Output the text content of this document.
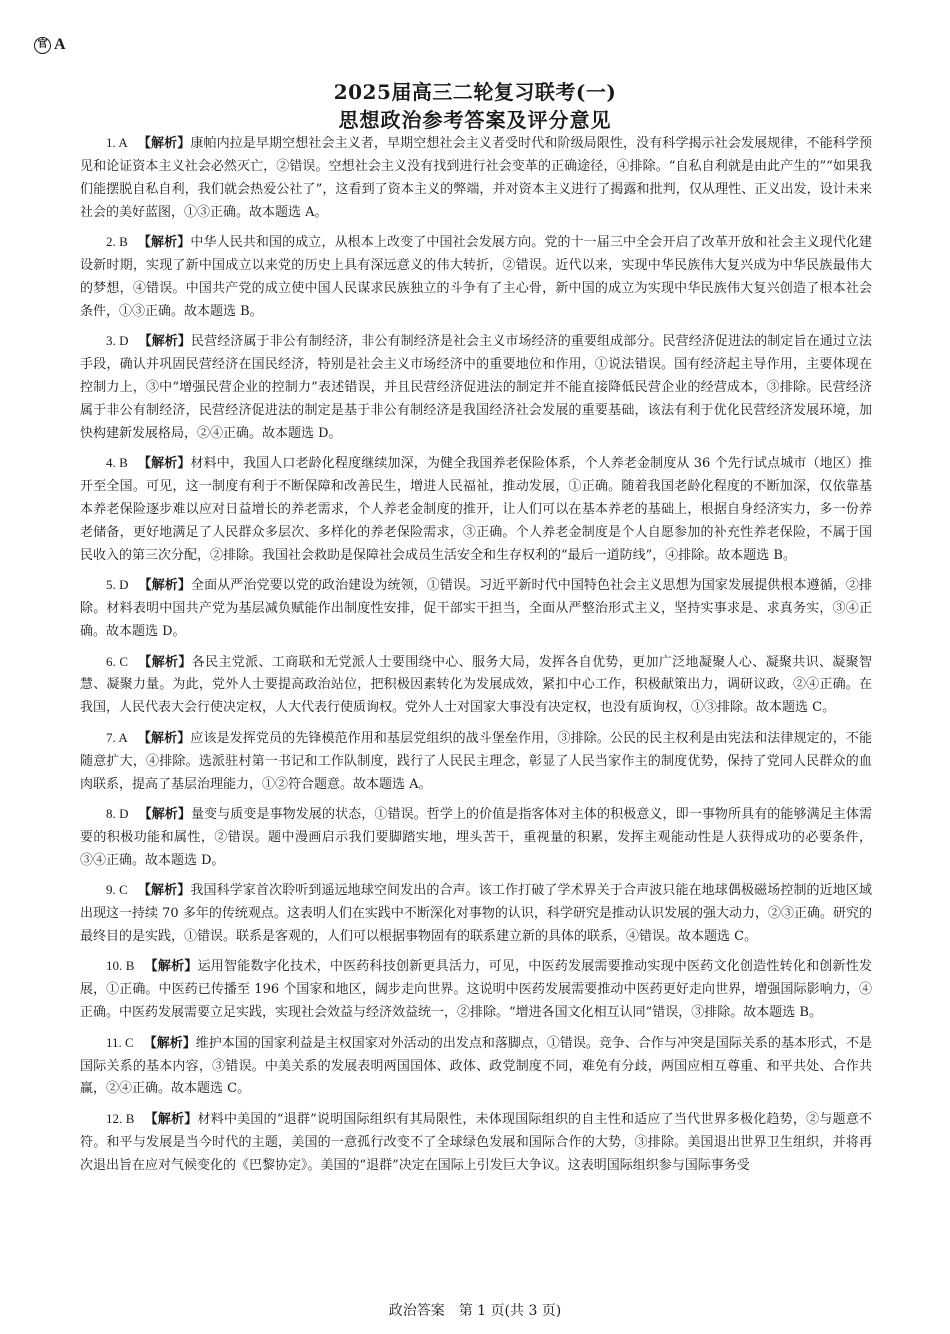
官 A
2025届高三二轮复习联考(一)
思想政治参考答案及评分意见

1. A 【解析】康帕内拉是早期空想社会主义者，早期空想社会主义者受时代和阶级局限性，没有科学揭示社会发展规律，不能科学预见和论证资本主义社会必然灭亡，②错误。空想社会主义没有找到进行社会变革的正确途径，④排除。“自私自利就是由此产生的”“如果我们能摆脱自私自利，我们就会热爱公社了”，这看到了资本主义的弊端，并对资本主义进行了揭露和批判，仅从理性、正义出发，设计未来社会的美好蓝图，①③正确。故本题选 A。

2. B 【解析】中华人民共和国的成立，从根本上改变了中国社会发展方向。党的十一届三中全会开启了改革开放和社会主义现代化建设新时期，实现了新中国成立以来党的历史上具有深远意义的伟大转折，②错误。近代以来，实现中华民族伟大复兴成为中华民族最伟大的梦想，④错误。中国共产党的成立使中国人民谋求民族独立的斗争有了主心骨，新中国的成立为实现中华民族伟大复兴创造了根本社会条件，①③正确。故本题选 B。

3. D 【解析】民营经济属于非公有制经济，非公有制经济是社会主义市场经济的重要组成部分。民营经济促进法的制定旨在通过立法手段，确认并巩固民营经济在国民经济，特别是社会主义市场经济中的重要地位和作用，①说法错误。国有经济起主导作用，主要体现在控制力上，③中“增强民营企业的控制力”表述错误，并且民营经济促进法的制定并不能直接降低民营企业的经营成本，③排除。民营经济属于非公有制经济，民营经济促进法的制定是基于非公有制经济是我国经济社会发展的重要基础，该法有利于优化民营经济发展环境，加快构建新发展格局，②④正确。故本题选 D。

4. B 【解析】材料中，我国人口老龄化程度继续加深，为健全我国养老保险体系，个人养老金制度从 36 个先行试点城市（地区）推开至全国。可见，这一制度有利于不断保障和改善民生，增进人民福祉，推动发展，①正确。随着我国老龄化程度的不断加深，仅依靠基本养老保险逐步难以应对日益增长的养老需求，个人养老金制度的推开，让人们可以在基本养老的基础上，根据自身经济实力，多一份养老储备，更好地满足了人民群众多层次、多样化的养老保险需求，③正确。个人养老金制度是个人自愿参加的补充性养老保险，不属于国民收入的第三次分配，②排除。我国社会救助是保障社会成员生活安全和生存权利的“最后一道防线”，④排除。故本题选 B。

5. D 【解析】全面从严治党要以党的政治建设为统领，①错误。习近平新时代中国特色社会主义思想为国家发展提供根本遵循，②排除。材料表明中国共产党为基层减负赋能作出制度性安排，促干部实干担当，全面从严整治形式主义，坚持实事求是、求真务实，③④正确。故本题选 D。

6. C 【解析】各民主党派、工商联和无党派人士要围绕中心、服务大局，发挥各自优势，更加广泛地凝聚人心、凝聚共识、凝聚智慧、凝聚力量。为此，党外人士要提高政治站位，把积极因素转化为发展成效，紧扣中心工作，积极献策出力，调研议政，②④正确。在我国，人民代表大会行使决定权，人大代表行使质询权。党外人士对国家大事没有决定权，也没有质询权，①③排除。故本题选 C。

7. A 【解析】应该是发挥党员的先锋模范作用和基层党组织的战斗堡垒作用，③排除。公民的民主权利是由宪法和法律规定的，不能随意扩大，④排除。选派驻村第一书记和工作队制度，践行了人民民主理念，彰显了人民当家作主的制度优势，保持了党同人民群众的血肉联系，提高了基层治理能力，①②符合题意。故本题选 A。

8. D 【解析】量变与质变是事物发展的状态，①错误。哲学上的价值是指客体对主体的积极意义，即一事物所具有的能够满足主体需要的积极功能和属性，②错误。题中漫画启示我们要脚踏实地，埋头苦干，重视量的积累，发挥主观能动性是人获得成功的必要条件，③④正确。故本题选 D。

9. C 【解析】我国科学家首次聆听到遥远地球空间发出的合声。该工作打破了学术界关于合声波只能在地球偶极磁场控制的近地区域出现这一持续 70 多年的传统观点。这表明人们在实践中不断深化对事物的认识，科学研究是推动认识发展的强大动力，②③正确。研究的最终目的是实践，①错误。联系是客观的，人们可以根据事物固有的联系建立新的具体的联系，④错误。故本题选 C。

10. B 【解析】运用智能数字化技术，中医药科技创新更具活力，可见，中医药发展需要推动实现中医药文化创造性转化和创新性发展，①正确。中医药已传播至 196 个国家和地区，阔步走向世界。这说明中医药发展需要推动中医药更好走向世界，增强国际影响力，④正确。中医药发展需要立足实践，实现社会效益与经济效益统一，②排除。“增进各国文化相互认同”错误，③排除。故本题选 B。

11. C 【解析】维护本国的国家利益是主权国家对外活动的出发点和落脚点，①错误。竞争、合作与冲突是国际关系的基本形式，不是国际关系的基本内容，③错误。中美关系的发展表明两国国体、政体、政党制度不同，难免有分歧，两国应相互尊重、和平共处、合作共赢，②④正确。故本题选 C。

12. B 【解析】材料中美国的“退群”说明国际组织有其局限性，未体现国际组织的自主性和适应了当代世界多极化趋势，②与题意不符。和平与发展是当今时代的主题，美国的一意孤行改变不了全球绿色发展和国际合作的大势，③排除。美国退出世界卫生组织，并将再次退出旨在应对气候变化的《巴黎协定》。美国的“退群”决定在国际上引发巨大争议。这表明国际组织参与国际事务受

政治答案　第 1 页(共 3 页)
